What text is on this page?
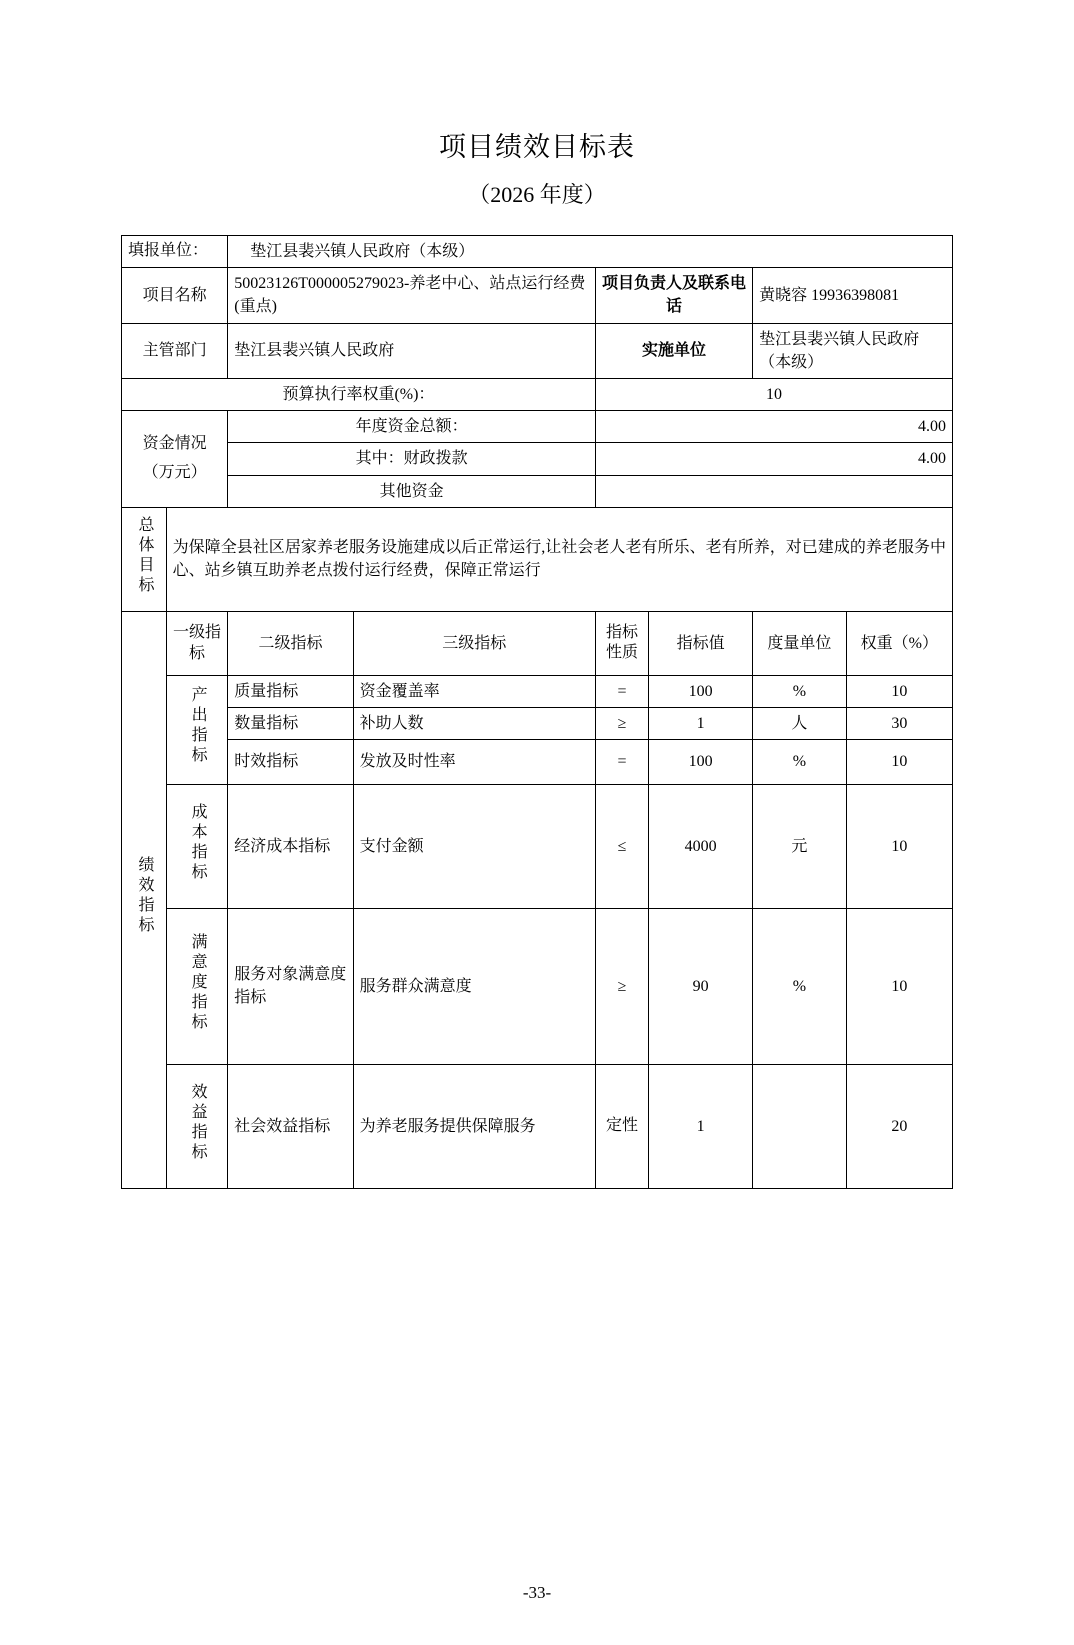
项目绩效目标表
（2026 年度）
填报单位：		垫江县裴兴镇人民政府（本级）					
项目名称		50023126T000005279023-养老中心、站点运行经费(重点)		项目负责人及联系电话		黄晓容 19936398081	
主管部门		垫江县裴兴镇人民政府		实施单位		垫江县裴兴镇人民政府（本级）	
预算执行率权重(%)：				10			

资金情况
（万元）		年度资金总额：		4.00			
		其中：财政拨款		4.00			
		其他资金					
总体目标	为保障全县社区居家养老服务设施建成以后正常运行,让社会老人老有所乐、老有所养，对已建成的养老服务中心、站乡镇互助养老点拨付运行经费，保障正常运行						
绩效指标	一级指标	二级指标	三级指标	指标性质	指标值	度量单位	权重（%）
	产出指标	质量指标	资金覆盖率	=	100	%	10
		数量指标	补助人数	≥	1	人	30
		时效指标	发放及时性率	=	100	%	10
	成本指标	经济成本指标	支付金额	≤	4000	元	10
	满意度指标	服务对象满意度指标	服务群众满意度	≥	90	%	10
	效益指标	社会效益指标	为养老服务提供保障服务	定性	1		20
-33-
